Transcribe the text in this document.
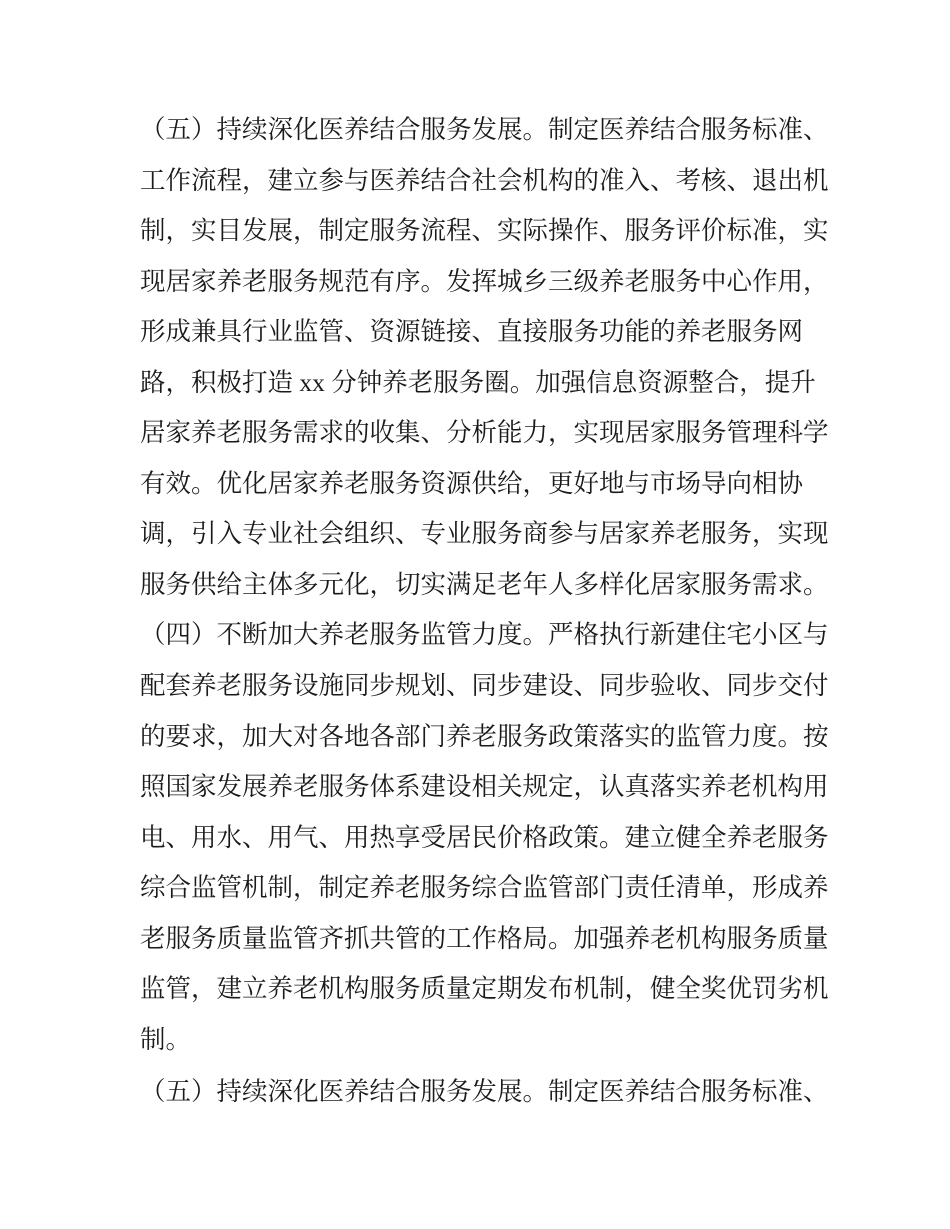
（五）持续深化医养结合服务发展。制定医养结合服务标准、
工作流程，建立参与医养结合社会机构的准入、考核、退出机
制，实目发展，制定服务流程、实际操作、服务评价标准，实
现居家养老服务规范有序。发挥城乡三级养老服务中心作用，
形成兼具行业监管、资源链接、直接服务功能的养老服务网
路，积极打造 xx 分钟养老服务圈。加强信息资源整合，提升
居家养老服务需求的收集、分析能力，实现居家服务管理科学
有效。优化居家养老服务资源供给，更好地与市场导向相协
调，引入专业社会组织、专业服务商参与居家养老服务，实现
服务供给主体多元化，切实满足老年人多样化居家服务需求。
（四）不断加大养老服务监管力度。严格执行新建住宅小区与
配套养老服务设施同步规划、同步建设、同步验收、同步交付
的要求，加大对各地各部门养老服务政策落实的监管力度。按
照国家发展养老服务体系建设相关规定，认真落实养老机构用
电、用水、用气、用热享受居民价格政策。建立健全养老服务
综合监管机制，制定养老服务综合监管部门责任清单，形成养
老服务质量监管齐抓共管的工作格局。加强养老机构服务质量
监管，建立养老机构服务质量定期发布机制，健全奖优罚劣机
制。
（五）持续深化医养结合服务发展。制定医养结合服务标准、
